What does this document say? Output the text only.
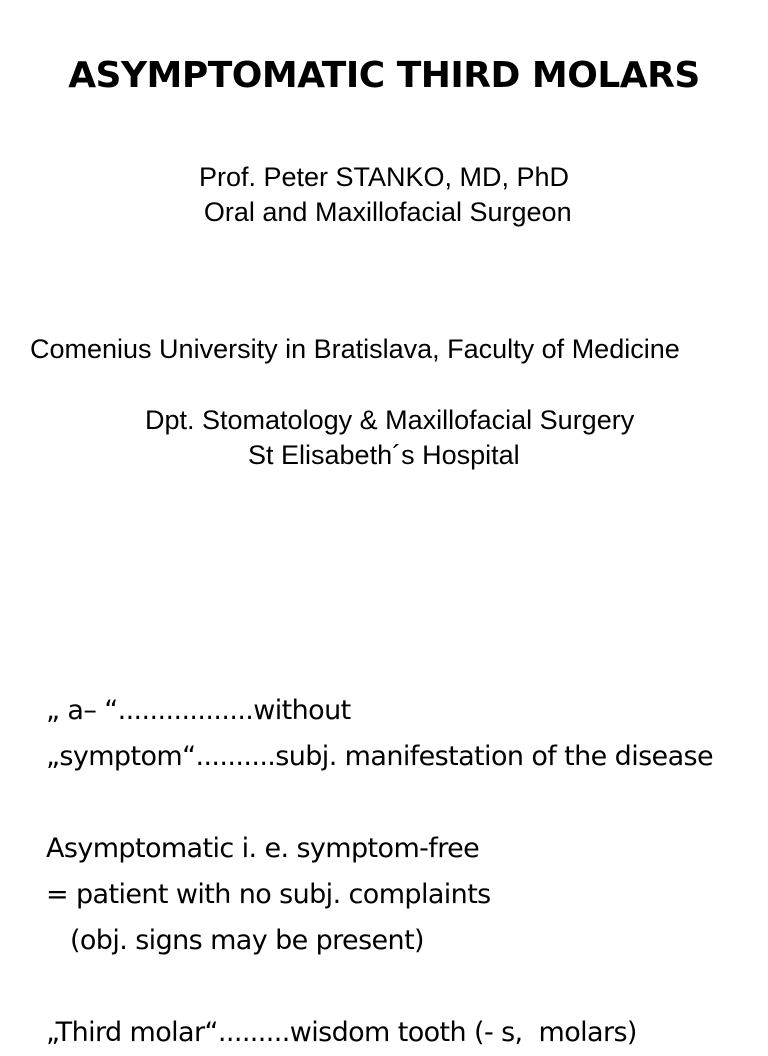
ASYMPTOMATIC THIRD MOLARS
Prof. Peter STANKO, MD, PhD
Oral and Maxillofacial Surgeon
Comenius University in Bratislava, Faculty of Medicine
Dpt. Stomatology & Maxillofacial Surgery
St Elisabeth´s Hospital
„ a– “.................without
„symptom“..........subj. manifestation of the disease
Asymptomatic i. e. symptom-free
= patient with no subj. complaints
(obj. signs may be present)
„Third molar“.........wisdom tooth (- s,  molars)
